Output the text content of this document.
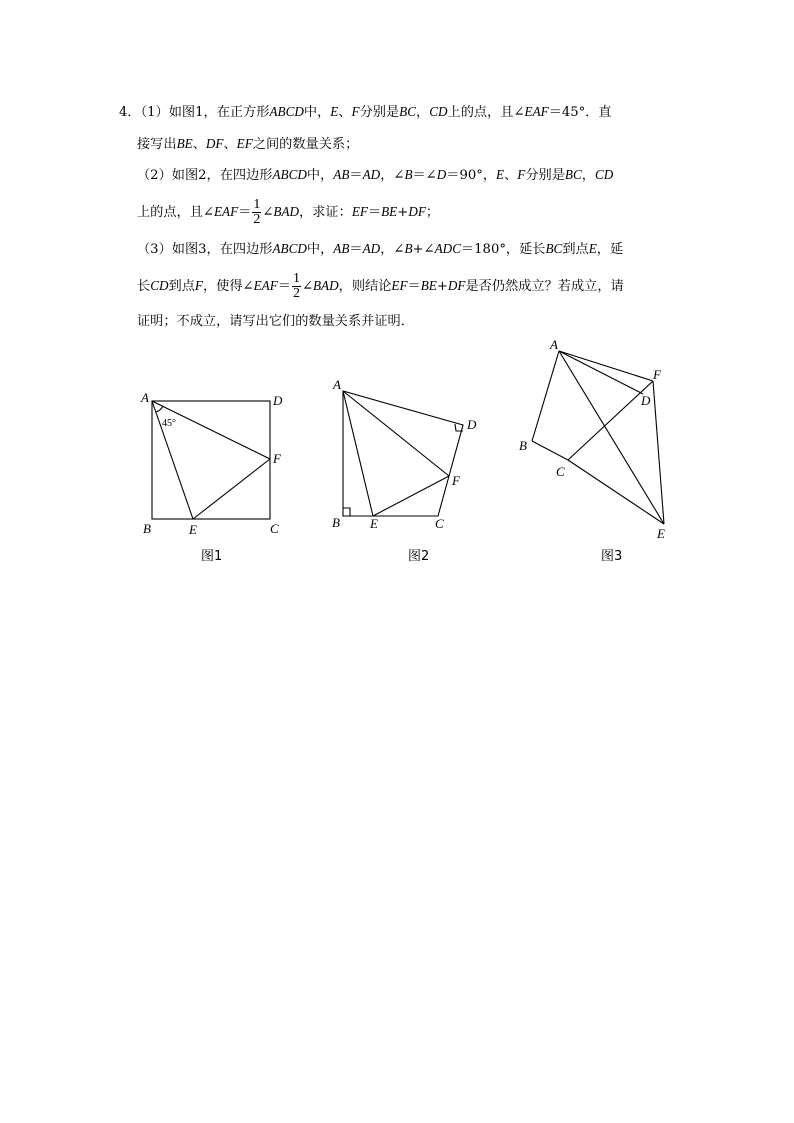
4．（1）如图1，在正方形ABCD中，E、F分别是BC，CD上的点，且∠EAF＝45°．直
接写出BE、DF、EF之间的数量关系；
（2）如图2，在四边形ABCD中，AB＝AD，∠B＝∠D＝90°，E、F分别是BC，CD
上的点，且∠EAF＝ $\frac{1}{2}$ ∠BAD，求证：EF＝BE+DF；
（3）如图3，在四边形ABCD中，AB＝AD，∠B+∠ADC＝180°，延长BC到点E，延
长CD到点F，使得∠EAF＝ $\frac{1}{2}$ ∠BAD，则结论EF＝BE+DF是否仍然成立？若成立，请
证明；不成立，请写出它们的数量关系并证明．
45°
A
B	C
D
E
F
图1
A
B	C
D
E
F
图2
A
B
C
D
E
F
图3
